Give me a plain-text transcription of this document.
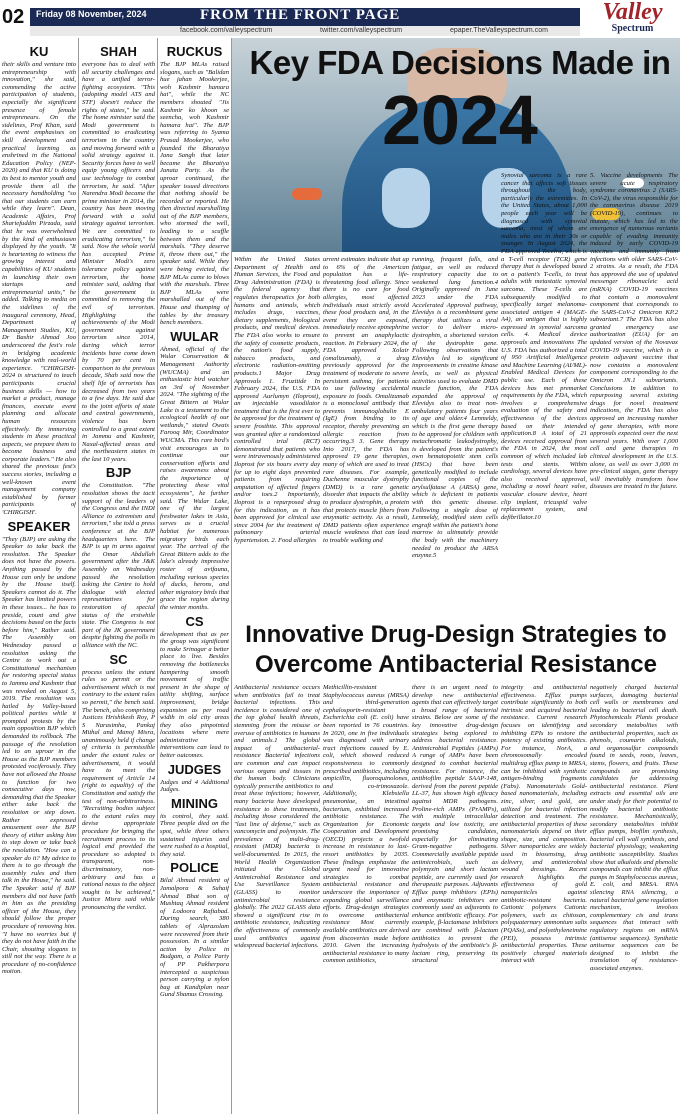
02 Friday 08 November, 2024	FROM THE FRONT PAGE
facebook.com/valleyspectrum	twitter.com/valleyspectrum	epaper.TheValleyspectrum.com
Valley
Spectrum
KU

their skills and venture into entrepreneurship with innovation," she said, commending the active participation of students, especially the significant presence of female entrepreneurs. On the sidelines, Prof Khan, said the event emphasises on skill development and practical learning as enshrined in the National Education Policy (NEP-2020) and that KU is doing its best to mentor youth and provide them all the necessary handholding "so that our students can earn while they learn". Dean, Academic Affairs, Prof Shariefuddin Pirzada, said that he was overwhelmed by the kind of enthusiasm displayed by the youth. "It is heartening to witness the growing interest and capabilities of KU students in launching their own startups and entrepreneurial units," he added. Talking to media on the sidelines of the inaugural ceremony, Head, Department of Management Studies, KU, Dr Bashir Ahmad Joo underscored the fest's role in bridging academic knowledge with real-world experience. "CHIRGISH-2024 is structured to teach participants crucial business skills — how to market a product, manage finances, execute event planning and allocate human resources effectively. By immersing students in these practical aspects, we prepare them to become business and corporate leaders." He also shared the previous fest's success stories, including a well-known event management company established by former participants of 'CHIRGISH'.

SPEAKER

"They (BJP) are asking the Speaker to take back the resolution. The Speaker does not have the powers. Anything passed by the House can only be undone by the House itself. Speakers cannot do it. The Speaker has limited powers in these issues... he has to preside, count and give decisions based on the facts before him," Rather said. The Assembly on Wednesday passed a resolution asking the Centre to work out a Constitutional mechanism for restoring special status to Jammu and Kashmir that was revoked on August 5, 2019. The resolution was hailed by Valley-based political parties while it prompted protests by the main opposition BJP which demanded its rollback. The passage of the resolution led to an uproar in the House as the BJP members protested vociferously. They have not allowed the House to function for two consecutive days now, demanding that the Speaker either take back the resolution or step down. Rather expressed amusement over the BJP theory of either asking him to step down or take back the resolution. "How can a speaker do it? My advice to them is to go through the assembly rules and then talk in the House," he said. The Speaker said if BJP members did not have faith in him as the presiding officer of the House, they should follow the proper procedure of removing him. "I have no worries but if they do not have faith in the Chair, shouting slogans is still not the way. There is a procedure of no-confidence motion.

SHAH

everyone has to deal with all security challenges and have a unified terror-fighting ecosystem. "This (adopting model ATS and STF) doesn't reduce the rights of states," he said. The home minister said the Modi government is committed to eradicating terrorism in the country and moving forward with a solid strategy against it. Security forces have to well equip young officers and use technology to combat terrorism, he said. "After Narendra Modi became the prime minister in 2014, the country has been moving forward with a solid strategy against terrorism. We are committed to eradicating terrorism," he said. Now the whole world has accepted Prime Minister Modi's zero tolerance policy against terrorism, the home minister said, adding that the government is committed to removing the evil of terrorism. Highlighting the achievements of the Modi government against terrorism since 2014, during which terror incidents have come down by 70 per cent in comparison to the previous decade, Shah said now the shelf life of terrorists has decreased from two years to a few days. He said due to the joint efforts of state and central governments, violence has been controlled to a great extent in Jammu and Kashmir, Naxal-affected areas and the northeastern states in the last 10 years.

BJP

the Constitution. "The resolution shows the tacit support of the leaders of the Congress and the INDI Alliance to extremism and terrorism," she told a press conference at the BJP headquarters here. The BJP is up in arms against the Omar Abdullah government after the J&K Assembly on Wednesday passed the resolution asking the Centre to hold dialogue with elected representatives for restoration of special status of the erstwhile state. The Congress is not part of the JK government despite fighting the polls in alliance with the NC.

SC

process unless the extant rules so permit or the advertisement which is not contrary to the extant rules so permit," the bench said. The bench, also comprising Justices Hrishikesh Roy, P S Narasimha, Pankaj Mithal and Manoj Misra, unanimously held if change of criteria is permissible under the extant rules or advertisement, it would have to meet the requirement of Article 14 (right to equality) of the Constitution and satisfy the test of non-arbitrariness. "Recruiting bodies subject to the extant rules may devise appropriate procedure for bringing the recruitment process to its logical end provided the procedure so adopted is transparent, non-discriminatory, non-arbitrary and has a rational nexus to the object sought to be achieved," Justice Misra said while pronouncing the verdict.

RUCKUS

The BJP MLAs raised slogans, such as "Balidan hue jahan Mookerjee, woh Kashmir hamara hai", while the NC members shouted "Jis Kashmir ko khoon se seencha, woh Kashmir hamara hai". The BJP was referring to Syama Prasad Mookerjee, who founded the Bharatiya Jana Sangh that later became the Bharatiya Janata Party. As the uproar continued, the speaker issued directions that nothing should be recorded or reported. He then directed marshalling out of the BJP members, who stormed the well, leading to a scuffle between them and the marshals. "They deserve it, throw them out," the speaker said. While they were being evicted, the BJP MLAs came to blows with the marshals. Three BJP MLAs were marshalled out of the House and thumping of tables by the treasury bench members.

WULAR

Ahmed, official of the Wular Conservation & Management Authority (WUCMA) and an enthusiastic bird watcher on 3rd of November 2024. "The sighting of the Great Bittern at Wular Lake is a testament to the ecological health of our wetlands," stated Owais Farooq Mir, Coordinator WUCMA. This rare bird's visit encourages us to continue our conservation efforts and raises awareness about the importance of protecting these vital ecosystems", he further said. The Wular Lake, one of the largest freshwater lakes in Asia, serves as a crucial habitat for numerous migratory birds each year. The arrival of the Great Bittern adds to the lake's already impressive roster of avifauna, including various species of ducks, herons, and other migratory birds that grace the region during the winter months.

CS

development that as per the group was significant to make Srinagar a better place to live. Besides removing the bottlenecks hampering smooth movement of traffic present in the shape of utility shifting, surface improvement, bridge expansion as per road width in old city areas they also pinpointed locations where mere administrative interventions can lead to better outcomes.

JUDGES

Judges and 4 Additional Judges.

MINING

its control, they said. Three people died on the spot, while three others sustained injuries and were rushed to a hospital, they said.

POLICE

Bilal Ahmad resident of Jamalpora & Suhaif Ahmad Bhat son of Mushtaq Ahmad resident of Lodoora Rafiabad. During search, 380 tablets of Alprazolam were recovered from their possession. In a similar action by Police in Budgam, a Police Party of PP Pakherpora intercepted a suspicious person carrying a nylon bag at Kandiplan near Gund Shamus Crossing.

Key FDA Decisions Made in
2024

Within the United States Department of Health and Human Services, the Food and Drug Administration (FDA) is the federal agency that regulates therapeutics for both humans and animals, which includes drugs, vaccines, dietary supplements, biological products, and medical devices. The FDA also works to ensure the safety of cosmetic products, the nation's food supply, tobacco products, and electronic radiation-emitting products.1 Major Drug Approvals 1. Fruzitide In February 2024, the U.S. FDA approved Aurlumyn (Iloprost), an injectable vasodilator treatment that is the first ever to be approved for the treatment of severe frostbite. This approval was granted after a randomized controlled trial (RCT) demonstrated that patients who were intravenously administered Iloprost for six hours every day for up to eight days prevented patients from requiring amputation of affected fingers and/or toes.2 Importantly, Iloprost is a repurposed drug for this indication, as it has been approved for clinical use since 2004 for the treatment of pulmonary arterial hypertension. 2. Food allergies

urrent estimates indicate that up to 6% of the American population has a life-threatening food allergy. Since there is no cure for food allergies, most affected individuals must strictly avoid these food products and, in the event they are exposed, immediately receive epinephrine to prevent an anaphylactic reaction. In February 2024, the FDA approved Xolair (omalizumab), a drug previously approved for the treatment of moderate to severe persistent asthma, for patients to use following accidental exposure to foods. Omalizumab is a monoclonal antibody that prevents immunoglobulin E (IgE) from binding to its receptor, thereby preventing an allergic reaction from occurring.3 3. Gene therapy Into 2017, the FDA has approved 19 gene therapies, many of which are used to treat rare diseases. For example, Duchenne muscular dystrophy (DMD) is a rare genetic disorder that impacts the ability to produce dystrophin, a protein that protects muscle fibers from enzymatic activity. As a result, DMD patients often experience muscle weakness that can lead to trouble walking and

running, frequent falls, and fatigue, as well as reduced respiratory capacity due to weakened lung function.4 Originally approved in June 2023 under the FDA Accelerated Approval pathway, Elevidys is a recombinant gene therapy that utilizes a viral vector to deliver micro-dystrophin, a shortened version of the dystrophin gene. Following observations that Elevidys led to significant improvements in creatine kinase levels, as well as physical activities used to evaluate DMD muscle function, the FDA expanded the approval of Elevidys also to treat non-ambulatory patients four years of age and older.4 Lenmeldy, which is the first gene therapy to be approved for children with metachromatic leukodystrophy, is developed from the patient's own hematopoietic stem cells (HSCs) that have been genetically modified to include functional copies of the arylsulfatase A (ARSA) gene, which is deficient in patients with this genetic disease. Following a single dose of Lenmeldy, modified stem cells engraft within the patient's bone marrow to ultimately provide the body with the machinery needed to produce the ARSA enzyme.5

Synovial sarcoma is a rare cancer that affects soft tissues throughout the body, particularly the extremities. In the United States, about 1,000 people each year will be diagnosed with synovial sarcoma, most of whom are males who are in their 30s or younger. In August 2024, the FDA approved Tecelra, which is a T-cell receptor (TCR) gene therapy that is developed based on a patient's T-cells, to treat adults with metastatic synovial sarcoma. These T-cells are subsequently modified to specifically target melanoma-associated antigen 4 (MAGE-A4), an antigen that is highly expressed in synovial sarcoma cells. 4. Medical device approvals and innovations The U.S. FDA has authorized a total of 950 Artificial Intelligence and Machine Learning (AI/ML)-Enabled Medical Devices for public use. Each of these devices has met premarket requirements by the FDA, which involves a comprehensive evaluation of the safety and effectiveness of the devices based on their intended application.8 A total of 21 devices received approval from the FDA in 2024, the most common of which included lab tests and stents. Within cardiology, several devices have also received approval, including a novel heart valve, vascular closure device, heart clip implant, tricuspid valve replacement system, and defibrillator.10

5. Vaccine developments The severe acute respiratory syndrome coronavirus 2 (SARS-CoV-2), the virus responsible for the coronavirus disease 2019 (COVID-19), continues to mutate, which has led to the emergence of numerous variants capable of evading immunity induced by early COVID-19 vaccines and immunity from infections with older SARS-CoV-2 strains. As a result, the FDA has approved the use of updated messenger ribonucleic acid (mRNA) COVID-19 vaccines that contain a monovalent component that corresponds to the SARS-CoV-2 Omicron KP.2 subvariant.7 The FDA has also granted emergency use authorization (EUA) for an updated version of the Novavax COVID-19 vaccine, which is a protein adjuvant vaccine that now contains a monovalent component corresponding to the Omicron JN.1 subvariants. Conclusions In addition to repurposing several existing drugs for novel treatment indications, the FDA has also approved an increasing number of gene therapies, with more approvals expected over the next several years. With over 1,000 cell and gene therapies in clinical development in the U.S. alone, as well as over 3,000 in pre-clinical stages, gene therapy will inevitably transform how diseases are treated in the future.

Innovative Drug-Design Strategies to
Overcome Antibacterial Resistance

Antibacterial resistance occurs when antibiotics fail to treat bacterial infections. This incidence is considered one of the top global health threats, stemming from the misuse or overuse of antibiotics in humans and animals.1 The global impact of antibacterial-resistance Bacterial infections are common and can impact various organs and tissues in the human body. Clinicians typically prescribe antibiotics to treat these infections; however, many bacteria have developed resistance to these treatments, including those considered the "last line of defense," such as vancomycin and polymyxin. The prevalence of multi-drug-resistant (MDR) bacteria is well-documented. In 2015, the World Health Organization initiated the Global Antimicrobial Resistance and Use Surveillance System (GLASS) to monitor antimicrobial resistance globally. The 2022 GLASS data showed a significant rise in antibiotic resistance, indicating the effectiveness of commonly used antibiotics against widespread bacterial infections.

Methicillin-resistant Staphylococcus aureus (MRSA) and third-generation cephalosporin-resistant Escherichia coli (E. coli) have been reported in 76 countries. In 2020, one in five individuals was diagnosed with urinary tract infections caused by E. coli, which showed reduced responsiveness to commonly prescribed antibiotics, including ampicillin, fluoroquinolones, and co-trimoxazole. Additionally, Klebsiella pneumoniae, an intestinal bacterium, exhibited increased antibiotic resistance. The Organization for Economic Cooperation and Development (OECD) projects a twofold increase in resistance to last-resort antibiotics by 2035. These findings emphasize the urgent need for innovative strategies to combat antibacterial resistance and underscore the importance of expanding global surveillance efforts. Drug-design strategies to overcome antibacterial resistance Most currently available antibiotics are derived from discoveries made before 2010. Given the increasing antibacterial resistance to many common antibiotics,

there is an urgent need to develop new antibacterial agents that can effectively target a broad range of bacterial strains. Below are some of the key innovative drug-design strategies being explored to address bacterial resistance. Antimicrobial Peptides (AMPs) A range of AMPs have been designed to combat bacterial resistance. For instance, the antibiofilm peptide SAAP-148, derived from the parent peptide LL-37, has shown high efficacy against MDR pathogens. Proline-rich AMPs (PrAMPs), with multiple intracellular targets and low toxicity, are promising candidates, especially for eliminating Gram-negative pathogens. Commercially available peptide antimicrobials, such as polymyxin and short lactam peptide, are currently used for therapeutic purposes. Adjuvants Efflux pump inhibitors (EPIs) and enzymatic inhibitors are commonly used as adjuvants to enhance antibiotic efficacy. For example, β-lactamase inhibitors are combined with β-lactam antibiotics to prevent the hydrolysis of the antibiotic's β-lactam ring, preserving its structural

integrity and antibacterial effectiveness. Efflux pumps contribute significantly to both intrinsic and acquired bacterial resistance. Current research focuses on identifying and inhibiting EPIs to restore the potency of existing antibiotics. For instance, NorA, a chromosomally encoded multidrug efflux pump in MRSA, can be inhibited with synthetic antigen-binding fragments (Fabs). Nanomaterials Gold-based nanomaterials, including zinc, silver, and gold, are utilized for bacterial infection detection and treatment. The antibacterial properties of these nanomaterials depend on their shape, size, and composition. Silver nanoparticles are widely used in biosensing, drug delivery, and antimicrobial wound dressings. Recent research highlights the effectiveness of gold nanoparticles against antibiotic-resistant bacteria. Cationic polymers Cationic polymers, such as chitosan, polyquaternary ammonium salts (PQASs), and polyethyleneimine (PEI), possess intrinsic antibacterial properties. These positively charged materials interact with

negatively charged bacterial surfaces, damaging bacterial cell walls or membranes and leading to bacterial cell death. Phytochemicals Plants produce secondary metabolites with antibacterial properties, such as phenols, coumarin alkaloids, and organosulfur compounds found in seeds, roots, leaves, stems, flowers, and fruits. These compounds are promising candidates for addressing antibacterial resistance. Plant extracts and essential oils are under study for their potential to modify bacterial antibiotic resistance. Mechanistically, secondary metabolites inhibit efflux pumps, biofilm synthesis, bacterial cell wall synthesis, and bacterial physiology, weakening antibiotic susceptibility. Studies show that alkaloids and phenolic compounds can inhibit the efflux pumps in Staphylococcus aureus, E. coli, and MRSA. RNA silencing RNA silencing, a natural bacterial gene regulation mechanism, involves complementary cis and trans sequences that interact with regulatory regions on mRNA (antisense sequences). Synthetic antisense sequences can be designed to inhibit the translation of resistance-associated enzymes.
